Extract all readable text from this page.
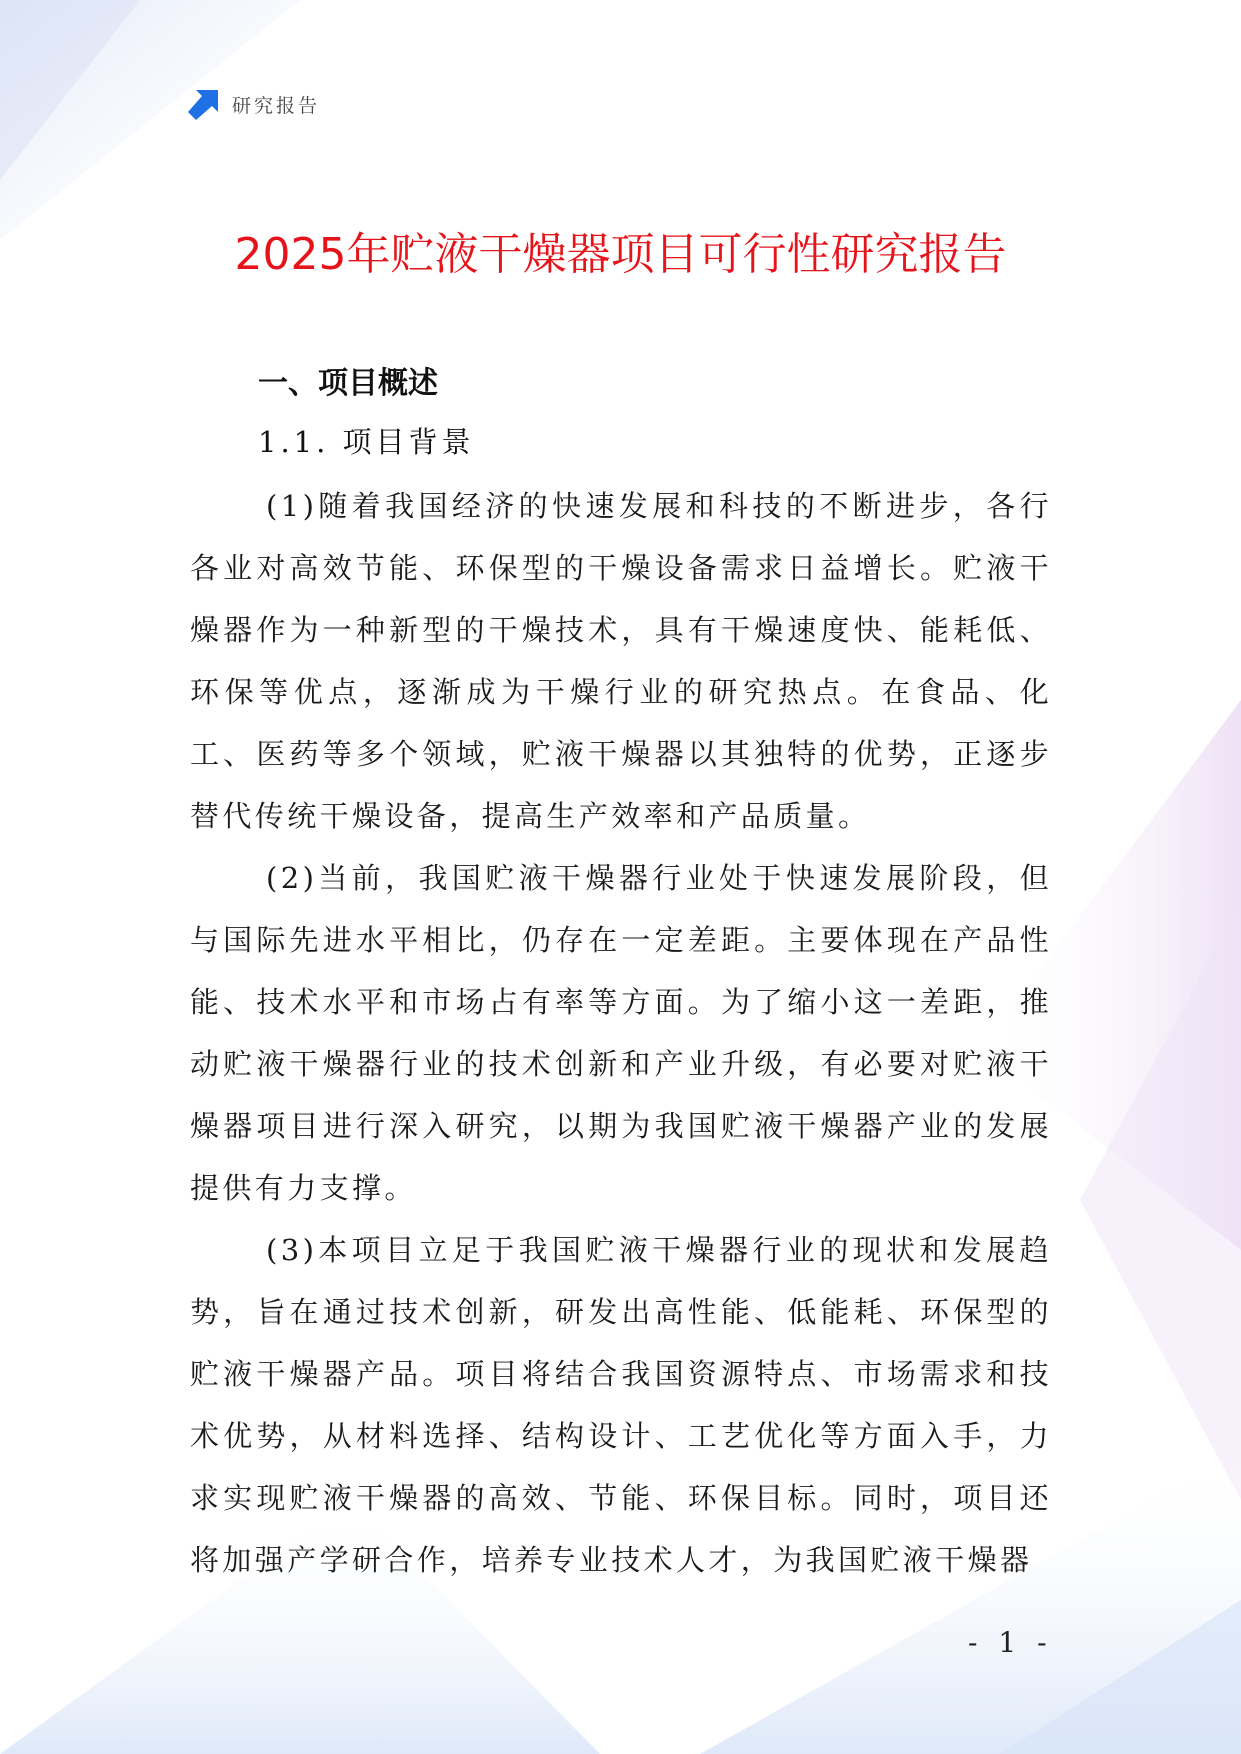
研究报告
2025年贮液干燥器项目可行性研究报告
一、项目概述
1.1. 项目背景

(1)随着我国经济的快速发展和科技的不断进步，各行各业对高效节能、环保型的干燥设备需求日益增长。贮液干燥器作为一种新型的干燥技术，具有干燥速度快、能耗低、环保等优点，逐渐成为干燥行业的研究热点。在食品、化工、医药等多个领域，贮液干燥器以其独特的优势，正逐步替代传统干燥设备，提高生产效率和产品质量。

(2)当前，我国贮液干燥器行业处于快速发展阶段，但与国际先进水平相比，仍存在一定差距。主要体现在产品性能、技术水平和市场占有率等方面。为了缩小这一差距，推动贮液干燥器行业的技术创新和产业升级，有必要对贮液干燥器项目进行深入研究，以期为我国贮液干燥器产业的发展提供有力支撑。

(3)本项目立足于我国贮液干燥器行业的现状和发展趋势，旨在通过技术创新，研发出高性能、低能耗、环保型的贮液干燥器产品。项目将结合我国资源特点、市场需求和技术优势，从材料选择、结构设计、工艺优化等方面入手，力求实现贮液干燥器的高效、节能、环保目标。同时，项目还将加强产学研合作，培养专业技术人才，为我国贮液干燥器

- 1 -
